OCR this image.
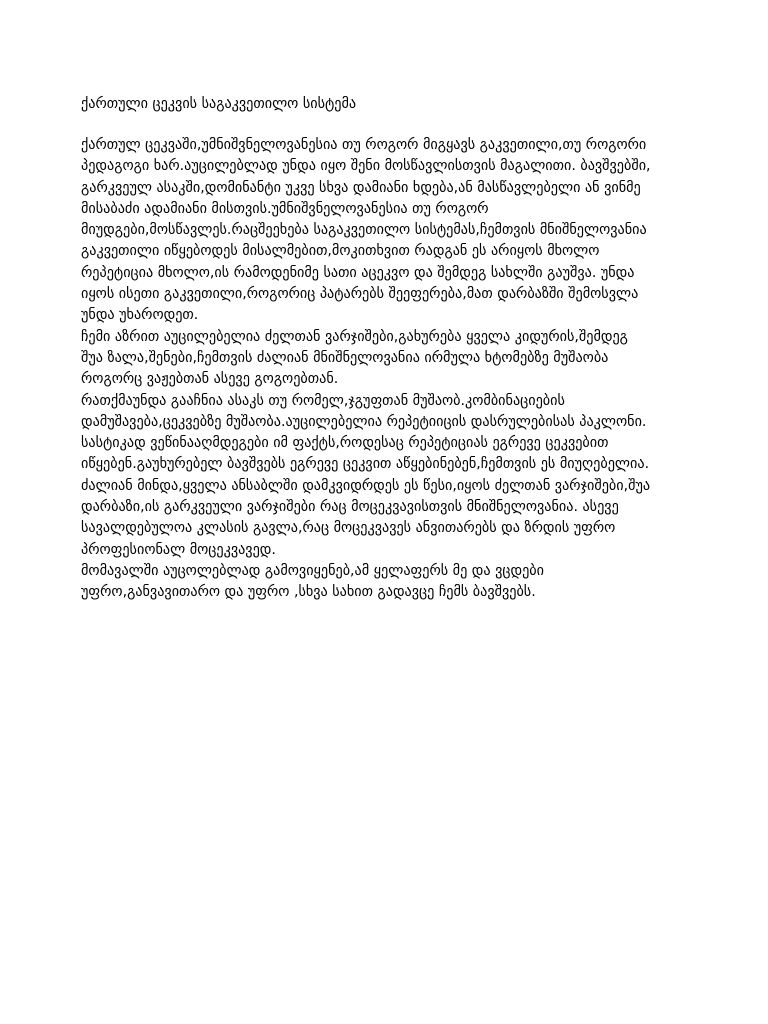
ქართული ცეკვის საგაკვეთილო სისტემა
ქართულ ცეკვაში,უმნიშვნელოვანესია თუ როგორ მიგყავს გაკვეთილი,თუ როგორი
პედაგოგი ხარ.აუცილებლად უნდა იყო შენი მოსწავლისთვის მაგალითი. ბავშვებში,
გარკვეულ ასაკში,დომინანტი უკვე სხვა დამიანი ხდება,ან მასწავლებელი ან ვინმე
მისაბაძი ადამიანი მისთვის.უმნიშვნელოვანესია თუ როგორ
მიუდგები,მოსწავლეს.რაცშეეხება საგაკვეთილო სისტემას,ჩემთვის მნიშნელოვანია
გაკვეთილი იწყებოდეს მისალმებით,მოკითხვით რადგან ეს არიყოს მხოლო
რეპეტიცია მხოლო,ის რამოდენიმე სათი აცეკვო და შემდეგ სახლში გაუშვა. უნდა
იყოს ისეთი გაკვეთილი,როგორიც პატარებს შეეფერება,მათ დარბაზში შემოსვლა
უნდა უხაროდეთ.
ჩემი აზრით აუცილებელია ძელთან ვარჯიშები,გახურება ყველა კიდურის,შემდეგ
შუა ზალა,შენები,ჩემთვის ძალიან მნიშნელოვანია ირმულა ხტომებზე მუშაობა
როგორც ვაჟებთან ასევე გოგოებთან.
რათქმაუნდა გააჩნია ასაკს თუ რომელ,ჯგუფთან მუშაობ.კომბინაციების
დამუშავება,ცეკვებზე მუშაობა.აუცილებელია რეპეტიიცის დასრულებისას პაკლონი.
სასტიკად ვეწინააღმდეგები იმ ფაქტს,როდესაც რეპეტიციას ეგრევე ცეკვებით
იწყებენ.გაუხურებელ ბავშვებს ეგრევე ცეკვით აწყებინებენ,ჩემთვის ეს მიუღებელია.
ძალიან მინდა,ყველა ანსაბლში დამკვიდრდეს ეს წესი,იყოს ძელთან ვარჯიშები,შუა
დარბაზი,ის გარკვეული ვარჯიშები რაც მოცეკვავისთვის მნიშნელოვანია. ასევე
სავალდებულოა კლასის გავლა,რაც მოცეკვავეს ანვითარებს და ზრდის უფრო
პროფესიონალ მოცეკვავედ.
მომავალში აუცოლებლად გამოვიყენებ,ამ ყელაფერს მე და ვცდები
უფრო,განვავითარო და უფრო ,სხვა სახით გადავცე ჩემს ბავშვებს.
